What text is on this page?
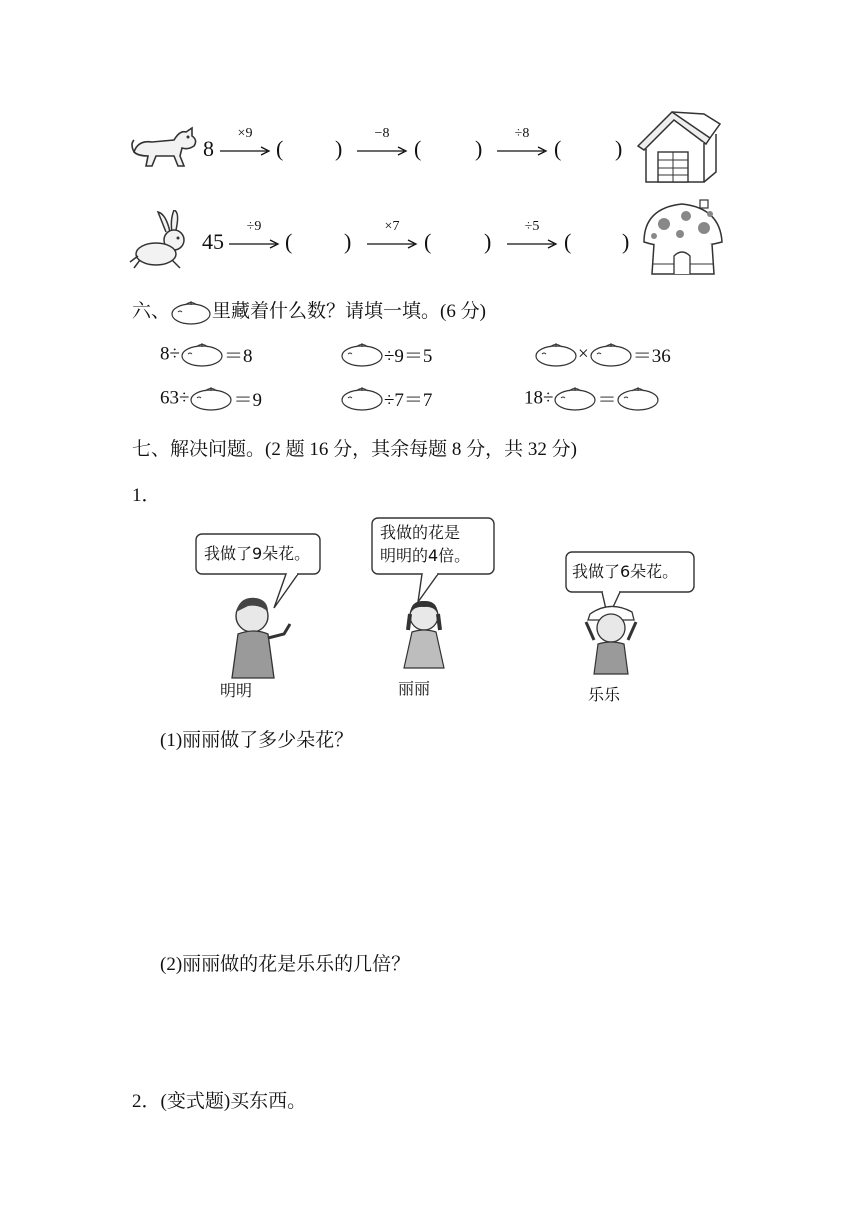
8
×9
( )
−8
( )
÷8
( )
45
÷9
( )
×7
( )
÷5
( )
六、 里藏着什么数？请填一填。(6 分)
8÷ ＝8	÷9＝5	× ＝36
63÷ ＝9	÷7＝7	18÷ ＝
七、解决问题。(2 题 16 分，其余每题 8 分，共 32 分)
1．
我做了9朵花。
我做的花是
明明的4倍。
我做了6朵花。
明明	丽丽	乐乐
(1)丽丽做了多少朵花？
(2)丽丽做的花是乐乐的几倍？
2．(变式题)买东西。
